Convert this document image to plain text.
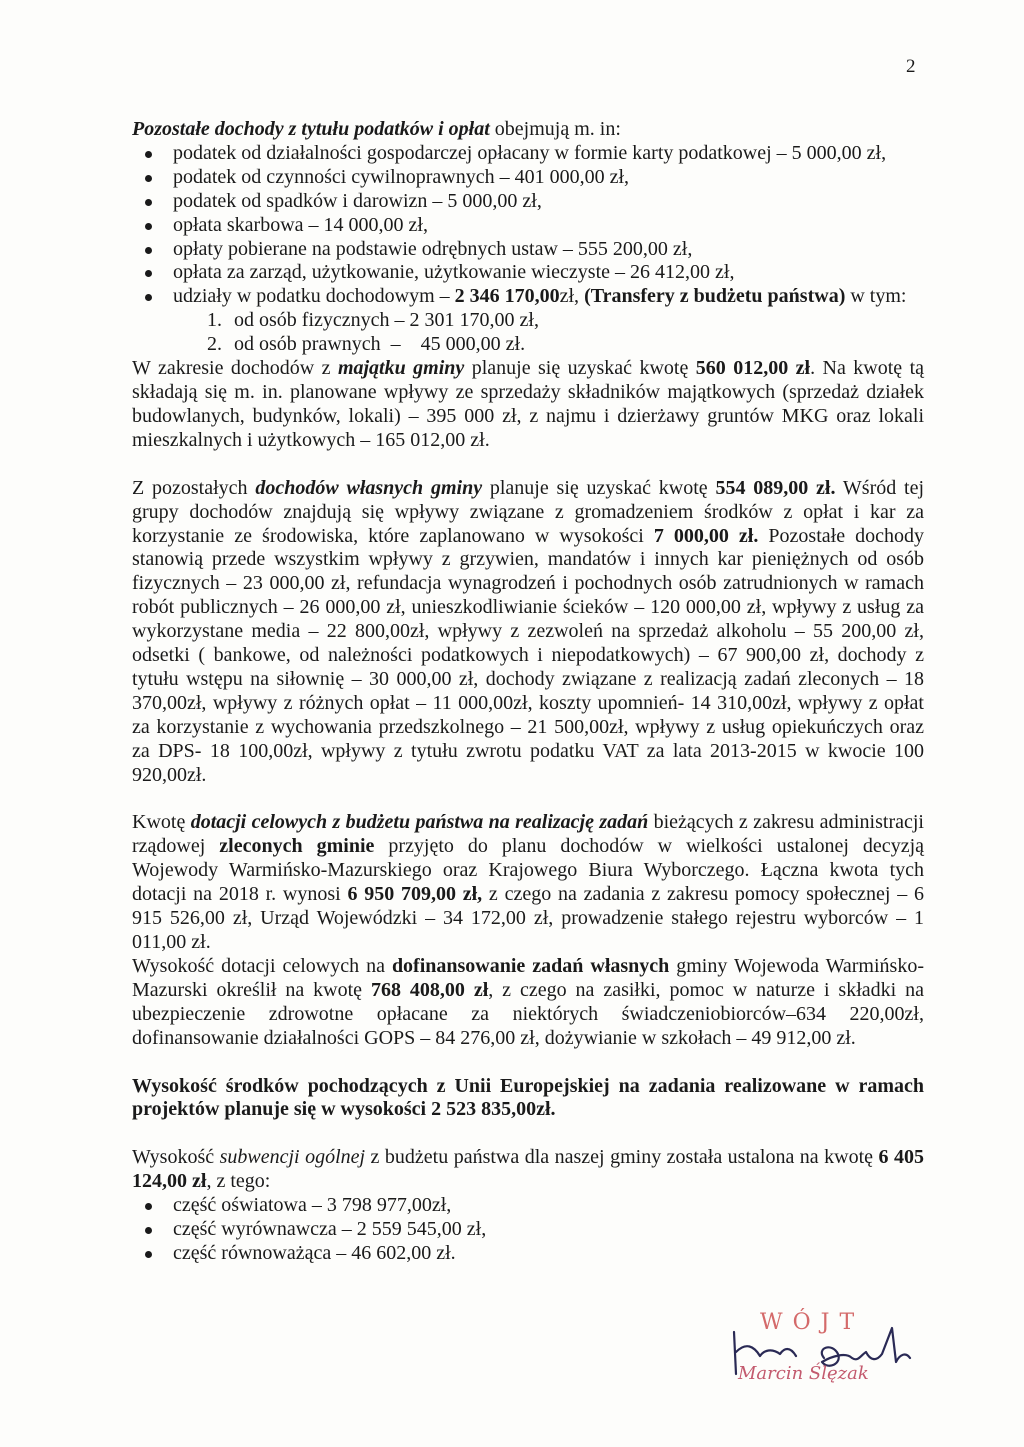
2

Pozostałe dochody z tytułu podatków i opłat obejmują m. in:

podatek od działalności gospodarczej opłacany w formie karty podatkowej – 5 000,00 zł,
podatek od czynności cywilnoprawnych – 401 000,00 zł,
podatek od spadków i darowizn – 5 000,00 zł,
opłata skarbowa – 14 000,00 zł,
opłaty pobierane na podstawie odrębnych ustaw – 555 200,00 zł,
opłata za zarząd, użytkowanie, użytkowanie wieczyste – 26 412,00 zł,
udziały w podatku dochodowym – 2 346 170,00zł, (Transfery z budżetu państwa) w tym:
1. od osób fizycznych – 2 301 170,00 zł,
2. od osób prawnych  –    45 000,00 zł.

W zakresie dochodów z majątku gminy planuje się uzyskać kwotę 560 012,00 zł. Na kwotę tą składają się m. in. planowane wpływy ze sprzedaży składników majątkowych (sprzedaż działek budowlanych, budynków, lokali) – 395 000 zł, z najmu i dzierżawy gruntów MKG oraz lokali mieszkalnych i użytkowych – 165 012,00 zł.

Z pozostałych dochodów własnych gminy planuje się uzyskać kwotę 554 089,00 zł. Wśród tej grupy dochodów znajdują się wpływy związane z gromadzeniem środków z opłat i kar za korzystanie ze środowiska, które zaplanowano w wysokości 7 000,00 zł. Pozostałe dochody stanowią przede wszystkim wpływy z grzywien, mandatów i innych kar pieniężnych od osób fizycznych – 23 000,00 zł, refundacja wynagrodzeń i pochodnych osób zatrudnionych w ramach robót publicznych – 26 000,00 zł, unieszkodliwianie ścieków – 120 000,00 zł, wpływy z usług za wykorzystane media – 22 800,00zł, wpływy z zezwoleń na sprzedaż alkoholu – 55 200,00 zł, odsetki ( bankowe, od należności podatkowych i niepodatkowych) – 67 900,00 zł, dochody z tytułu wstępu na siłownię – 30 000,00 zł, dochody związane z realizacją zadań zleconych – 18 370,00zł, wpływy z różnych opłat – 11 000,00zł, koszty upomnień- 14 310,00zł, wpływy z opłat za korzystanie z wychowania przedszkolnego – 21 500,00zł, wpływy z usług opiekuńczych oraz za DPS- 18 100,00zł, wpływy z tytułu zwrotu podatku VAT za lata 2013-2015 w kwocie 100 920,00zł.

Kwotę dotacji celowych z budżetu państwa na realizację zadań bieżących z zakresu administracji rządowej zleconych gminie przyjęto do planu dochodów w wielkości ustalonej decyzją Wojewody Warmińsko-Mazurskiego oraz Krajowego Biura Wyborczego. Łączna kwota tych dotacji na 2018 r. wynosi 6 950 709,00 zł, z czego na zadania z zakresu pomocy społecznej – 6 915 526,00 zł, Urząd Wojewódzki – 34 172,00 zł, prowadzenie stałego rejestru wyborców – 1 011,00 zł.

Wysokość dotacji celowych na dofinansowanie zadań własnych gminy Wojewoda Warmińsko-Mazurski określił na kwotę 768 408,00 zł, z czego na zasiłki, pomoc w naturze i składki na ubezpieczenie zdrowotne opłacane za niektórych świadczeniobiorców–634 220,00zł, dofinansowanie działalności GOPS – 84 276,00 zł, dożywianie w szkołach – 49 912,00 zł.

Wysokość środków pochodzących z Unii Europejskiej na zadania realizowane w ramach projektów planuje się w wysokości 2 523 835,00zł.

Wysokość subwencji ogólnej z budżetu państwa dla naszej gminy została ustalona na kwotę 6 405 124,00 zł, z tego:

część oświatowa – 3 798 977,00zł,
część wyrównawcza – 2 559 545,00 zł,
część równoważąca – 46 602,00 zł.
WÓJT
Marcin Ślęzak
